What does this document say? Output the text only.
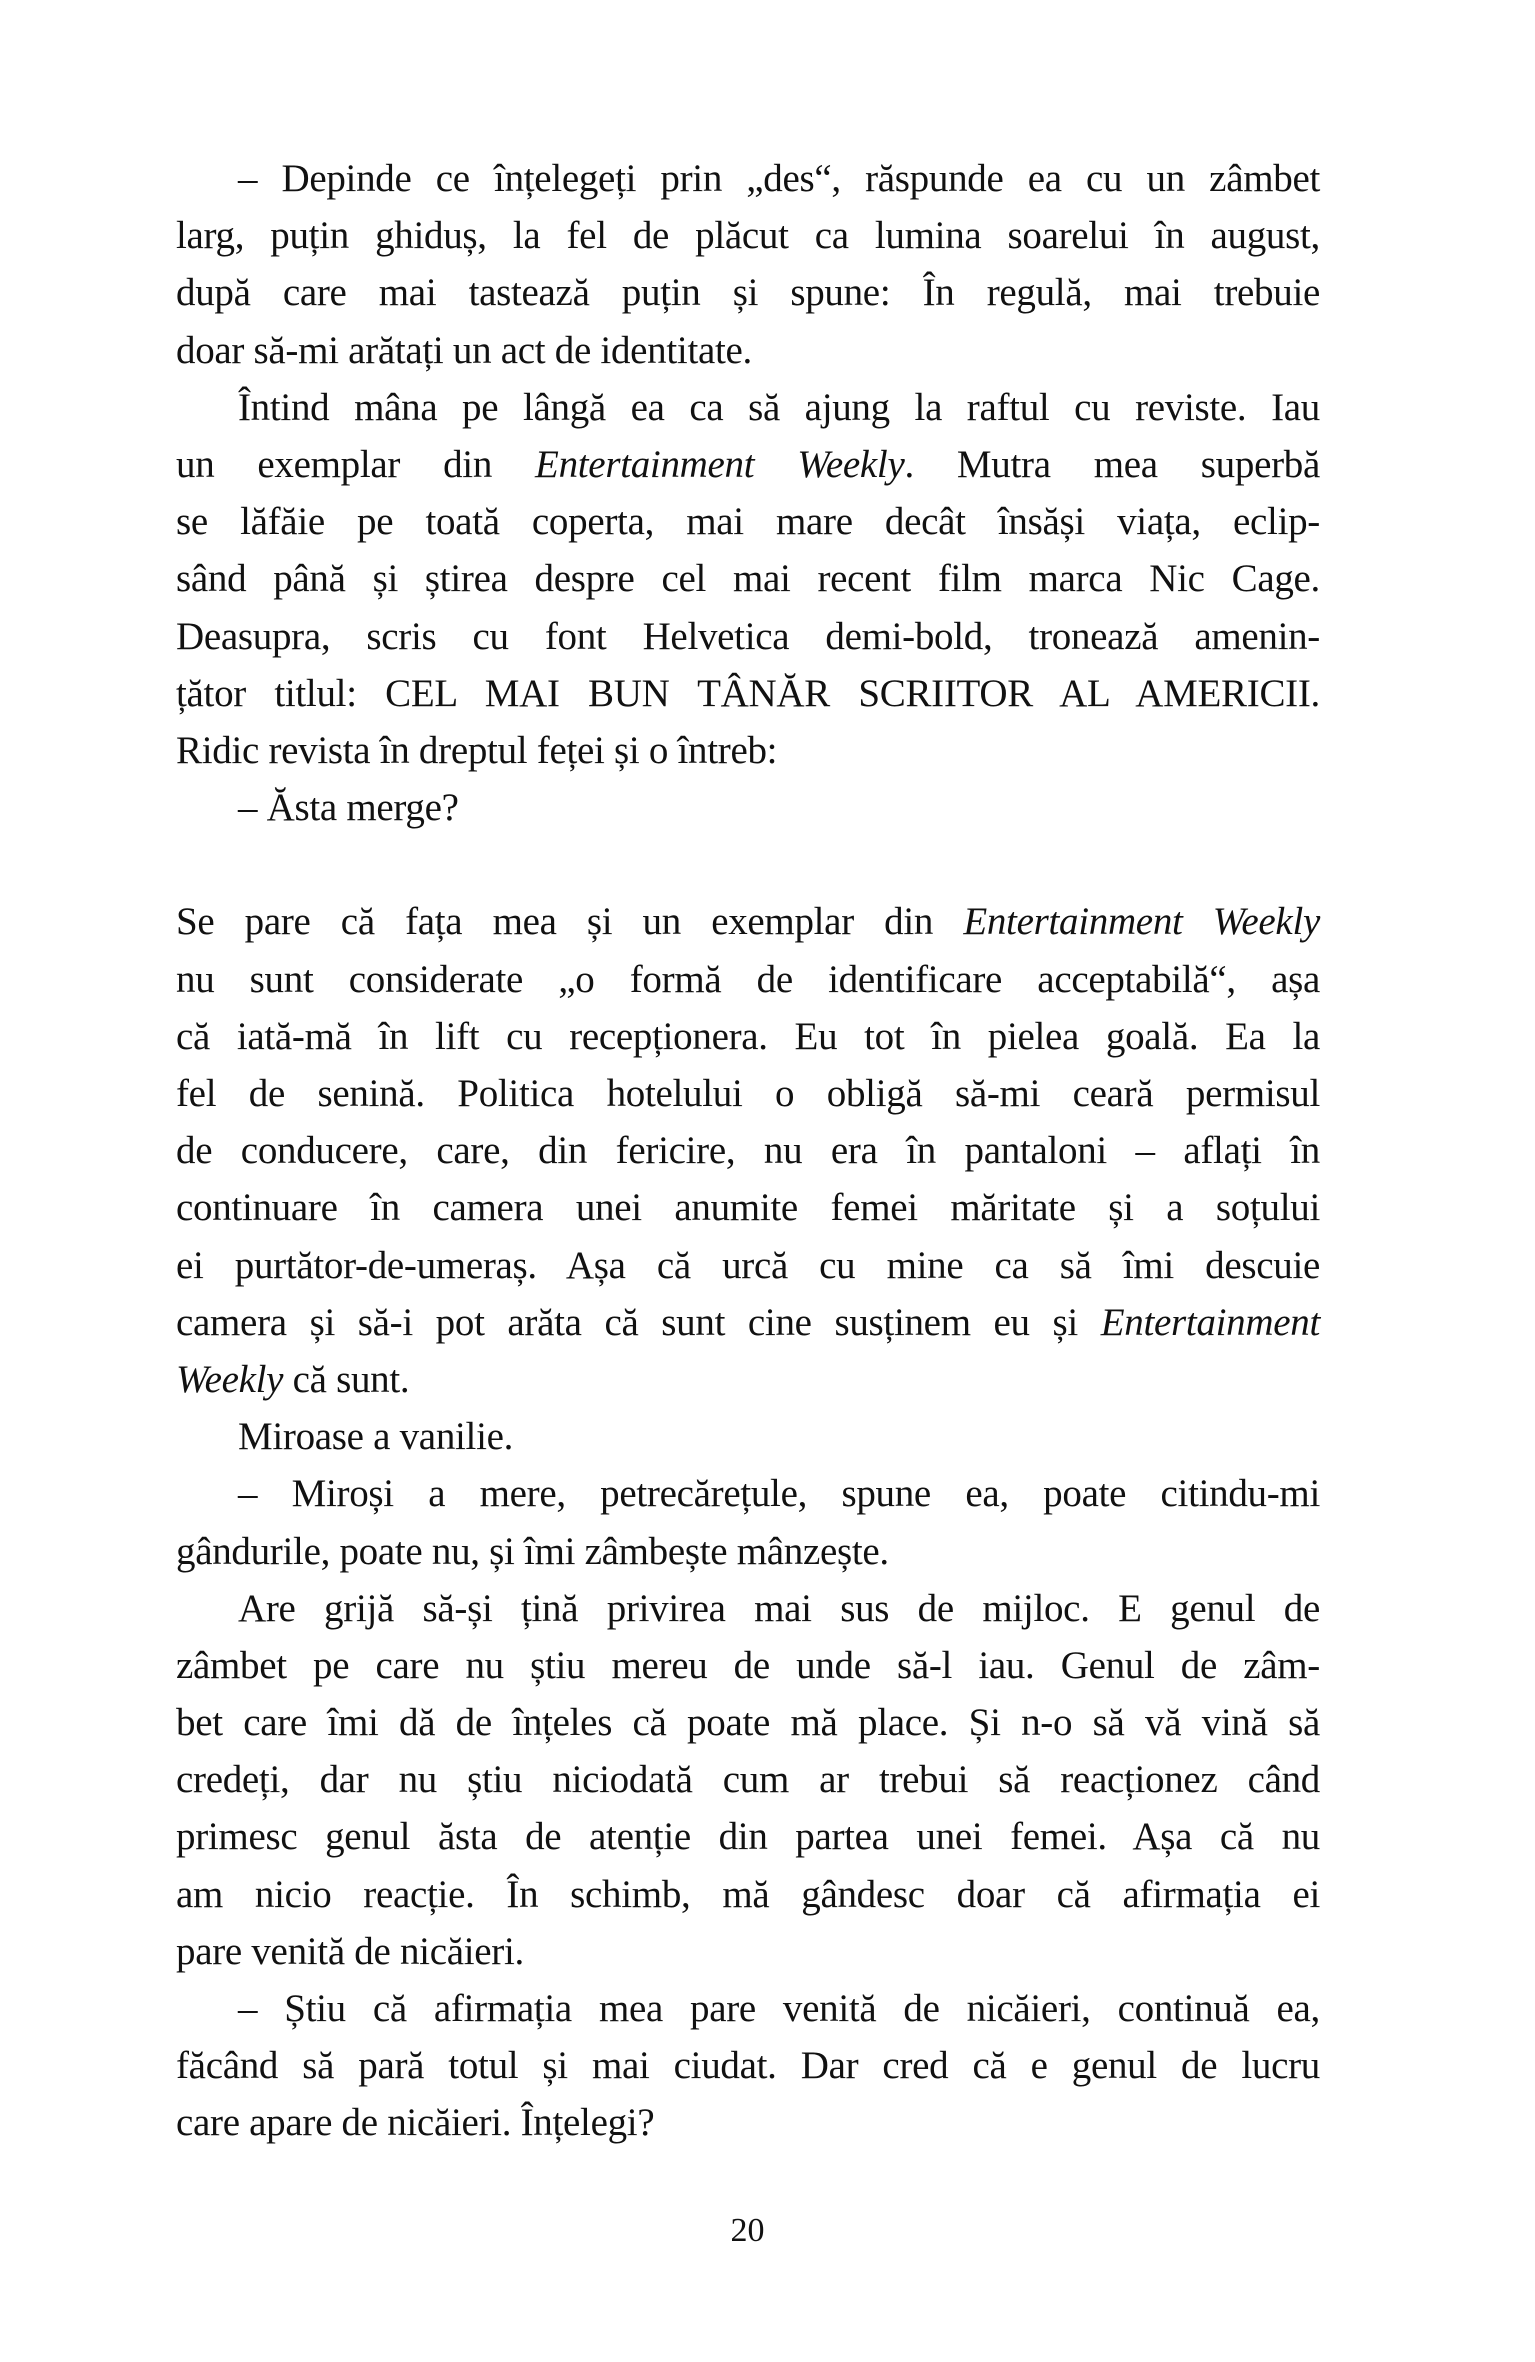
– Depinde ce înțelegeți prin „des“, răspunde ea cu un zâmbet
larg, puțin ghiduș, la fel de plăcut ca lumina soarelui în august,
după care mai tastează puțin și spune: În regulă, mai trebuie
doar să-mi arătați un act de identitate.
Întind mâna pe lângă ea ca să ajung la raftul cu reviste. Iau
un exemplar din Entertainment Weekly. Mutra mea superbă
se lăfăie pe toată coperta, mai mare decât însăși viața, eclip-
sând până și știrea despre cel mai recent film marca Nic Cage.
Deasupra, scris cu font Helvetica demi-bold, tronează amenin-
țător titlul: CEL MAI BUN TÂNĂR SCRIITOR AL AMERICII.
Ridic revista în dreptul feței și o întreb:
– Ăsta merge?
Se pare că fața mea și un exemplar din Entertainment Weekly
nu sunt considerate „o formă de identificare acceptabilă“, așa
că iată-mă în lift cu recepționera. Eu tot în pielea goală. Ea la
fel de senină. Politica hotelului o obligă să-mi ceară permisul
de conducere, care, din fericire, nu era în pantaloni – aflați în
continuare în camera unei anumite femei măritate și a soțului
ei purtător-de-umeraș. Așa că urcă cu mine ca să îmi descuie
camera și să-i pot arăta că sunt cine susținem eu și Entertainment
Weekly că sunt.
Miroase a vanilie.
– Miroși a mere, petrecărețule, spune ea, poate citindu-mi
gândurile, poate nu, și îmi zâmbește mânzește.
Are grijă să-și țină privirea mai sus de mijloc. E genul de
zâmbet pe care nu știu mereu de unde să-l iau. Genul de zâm-
bet care îmi dă de înțeles că poate mă place. Și n-o să vă vină să
credeți, dar nu știu niciodată cum ar trebui să reacționez când
primesc genul ăsta de atenție din partea unei femei. Așa că nu
am nicio reacție. În schimb, mă gândesc doar că afirmația ei
pare venită de nicăieri.
– Știu că afirmația mea pare venită de nicăieri, continuă ea,
făcând să pară totul și mai ciudat. Dar cred că e genul de lucru
care apare de nicăieri. Înțelegi?
20
